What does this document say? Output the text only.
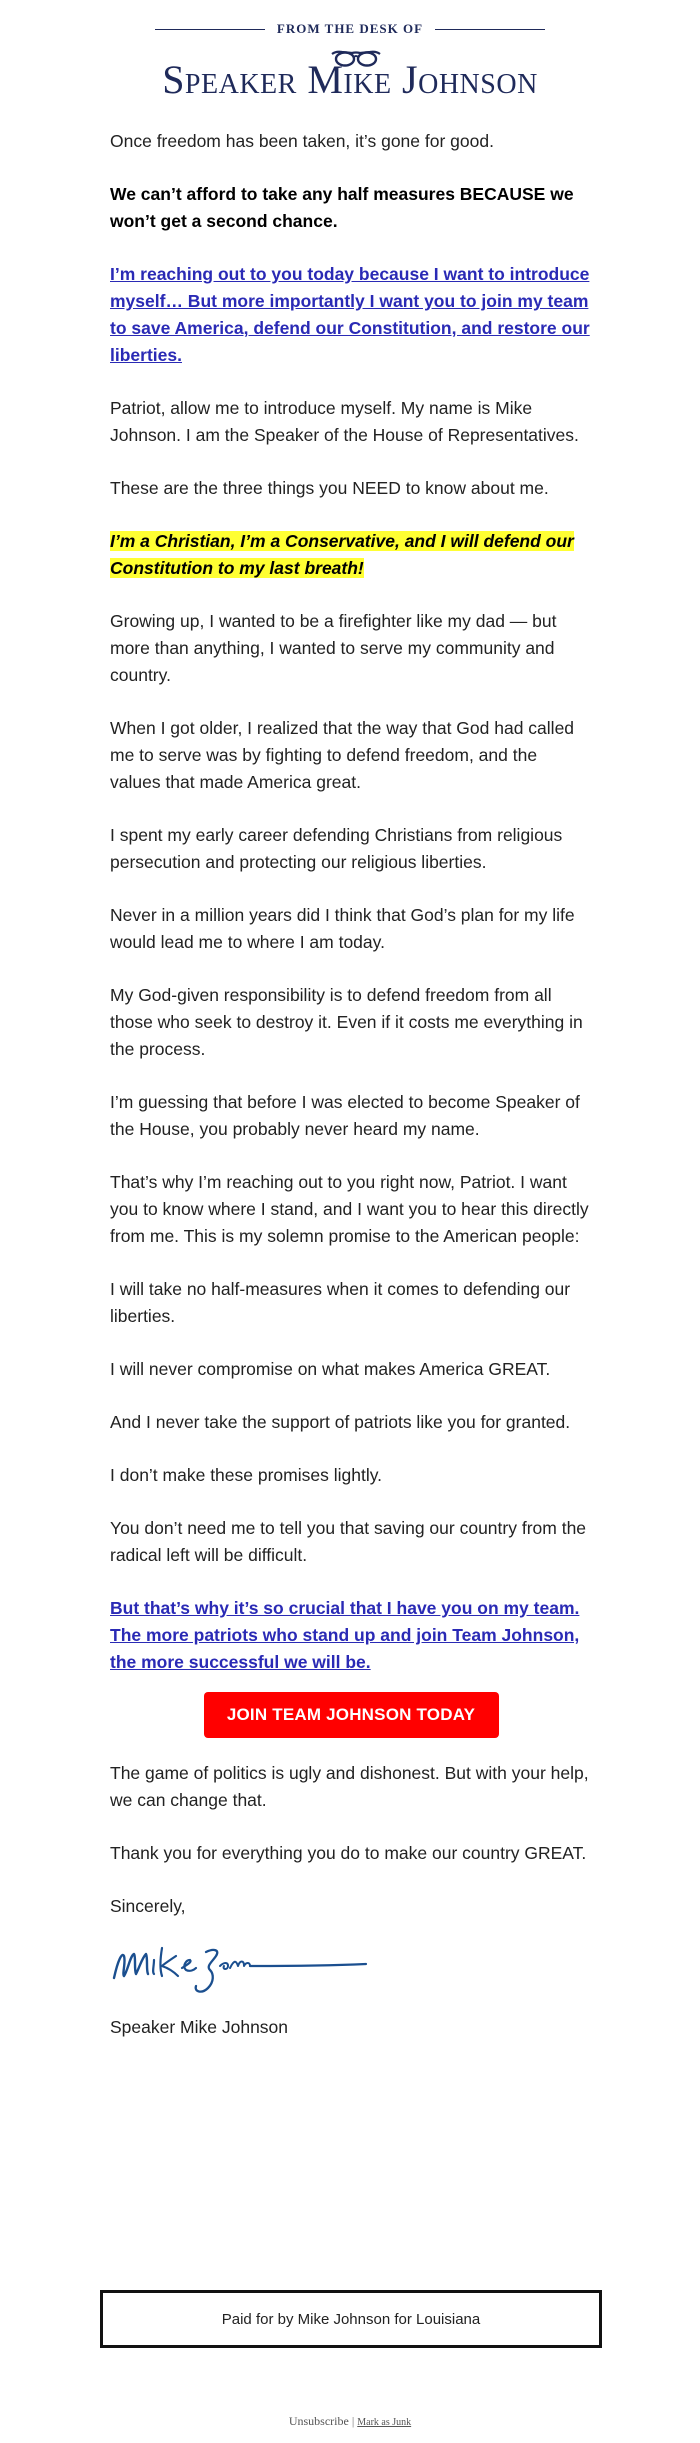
FROM THE DESK OF
Speaker Mike Johnson

Once freedom has been taken, it’s gone for good.

We can’t afford to take any half measures BECAUSE we won’t get a second chance.

I’m reaching out to you today because I want to introduce myself… But more importantly I want you to join my team to save America, defend our Constitution, and restore our liberties.

Patriot, allow me to introduce myself. My name is Mike Johnson. I am the Speaker of the House of Representatives.

These are the three things you NEED to know about me.

I’m a Christian, I’m a Conservative, and I will defend our Constitution to my last breath!

Growing up, I wanted to be a firefighter like my dad — but more than anything, I wanted to serve my community and country.

When I got older, I realized that the way that God had called me to serve was by fighting to defend freedom, and the values that made America great.

I spent my early career defending Christians from religious persecution and protecting our religious liberties.

Never in a million years did I think that God’s plan for my life would lead me to where I am today.

My God-given responsibility is to defend freedom from all those who seek to destroy it. Even if it costs me everything in the process.

I’m guessing that before I was elected to become Speaker of the House, you probably never heard my name.

That’s why I’m reaching out to you right now, Patriot. I want you to know where I stand, and I want you to hear this directly from me. This is my solemn promise to the American people:

I will take no half-measures when it comes to defending our liberties.

I will never compromise on what makes America GREAT.

And I never take the support of patriots like you for granted.

I don’t make these promises lightly.

You don’t need me to tell you that saving our country from the radical left will be difficult.

But that’s why it’s so crucial that I have you on my team. The more patriots who stand up and join Team Johnson, the more successful we will be.

JOIN TEAM JOHNSON TODAY

The game of politics is ugly and dishonest. But with your help, we can change that.

Thank you for everything you do to make our country GREAT.

Sincerely,

Speaker Mike Johnson

Paid for by Mike Johnson for Louisiana
Unsubscribe | Mark as Junk
